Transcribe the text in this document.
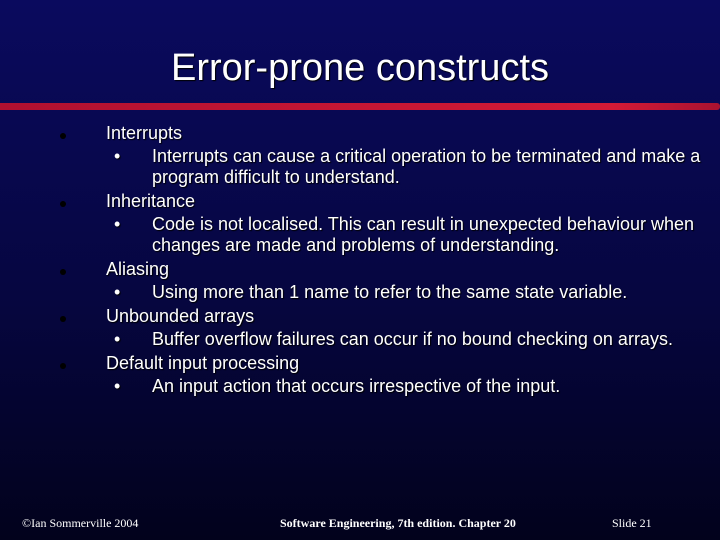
Error-prone constructs
Interrupts
• Interrupts can cause a critical operation to be terminated and make a program difficult to understand.
Inheritance
• Code is not localised. This can result in unexpected behaviour when changes are made and problems of understanding.
Aliasing
• Using more than 1 name to refer to the same state variable.
Unbounded arrays
• Buffer overflow failures can occur if no bound checking on arrays.
Default input processing
• An input action that occurs irrespective of the input.
©Ian Sommerville 2004	Software Engineering, 7th edition. Chapter 20	Slide 21
